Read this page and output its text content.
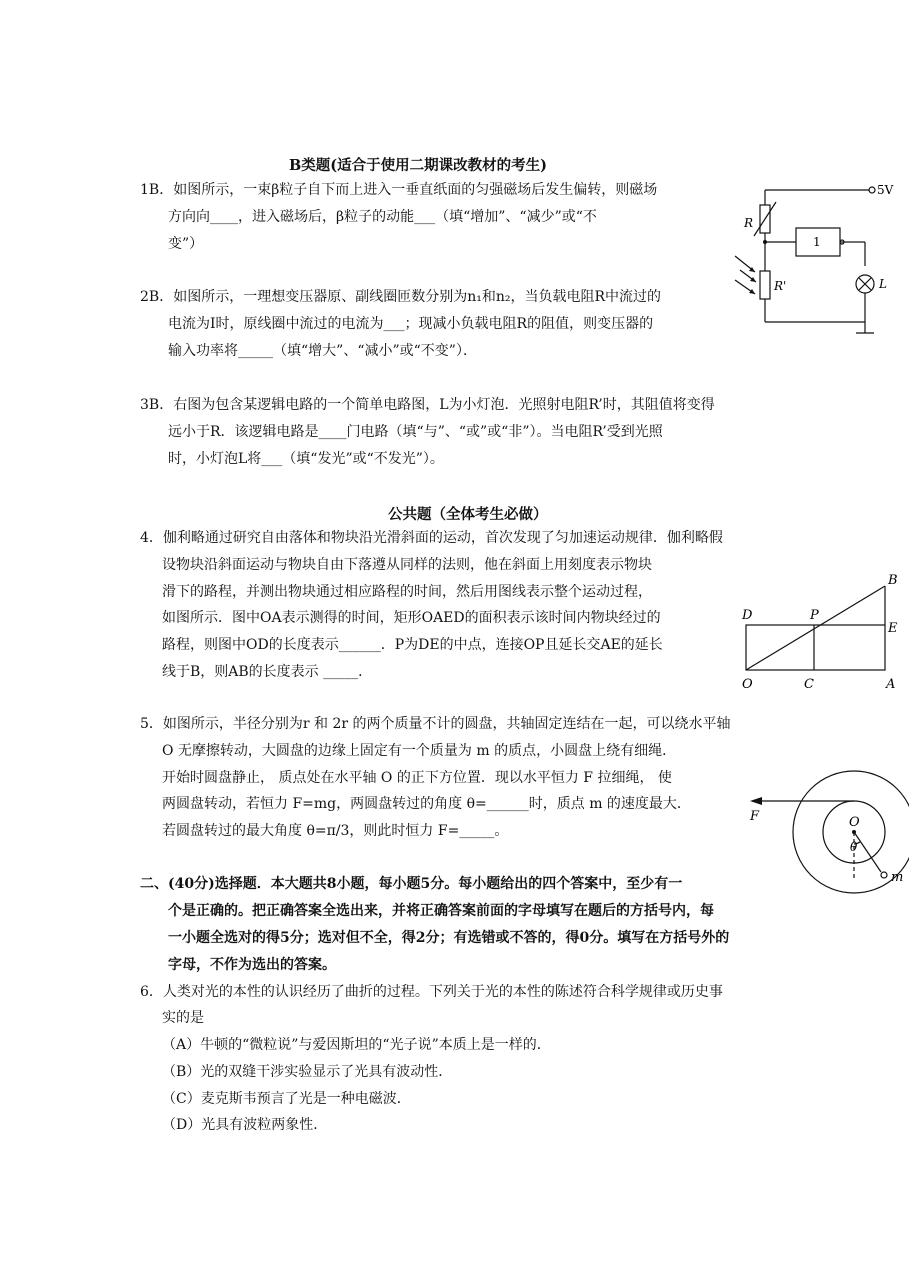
B类题(适合于使用二期课改教材的考生)
1B．如图所示，一束β粒子自下而上进入一垂直纸面的匀强磁场后发生偏转，则磁场
方向向____，进入磁场后，β粒子的动能___（填“增加”、“减少”或“不
变”）
2B．如图所示，一理想变压器原、副线圈匝数分别为n₁和n₂，当负载电阻R中流过的
电流为I时，原线圈中流过的电流为___；现减小负载电阻R的阻值，则变压器的
输入功率将_____（填“增大”、“减小”或“不变”）．
3B．右图为包含某逻辑电路的一个简单电路图，L为小灯泡．光照射电阻R’时，其阻值将变得
远小于R．该逻辑电路是____门电路（填“与”、“或”或“非”）。当电阻R’受到光照
时，小灯泡L将___（填“发光”或“不发光”）。
公共题（全体考生必做）
4．伽利略通过研究自由落体和物块沿光滑斜面的运动，首次发现了匀加速运动规律．伽利略假
设物块沿斜面运动与物块自由下落遵从同样的法则，他在斜面上用刻度表示物块
滑下的路程，并测出物块通过相应路程的时间，然后用图线表示整个运动过程，
如图所示．图中OA表示测得的时间，矩形OAED的面积表示该时间内物块经过的
路程，则图中OD的长度表示______．P为DE的中点，连接OP且延长交AE的延长
线于B，则AB的长度表示 _____．
5．如图所示，半径分别为r 和 2r 的两个质量不计的圆盘，共轴固定连结在一起，可以绕水平轴
O 无摩擦转动，大圆盘的边缘上固定有一个质量为 m 的质点，小圆盘上绕有细绳．
开始时圆盘静止， 质点处在水平轴 O 的正下方位置．现以水平恒力 F 拉细绳， 使
两圆盘转动，若恒力 F=mg，两圆盘转过的角度 θ=______时，质点 m 的速度最大．
若圆盘转过的最大角度 θ=π/3，则此时恒力 F=_____。
二、(40分)选择题．本大题共8小题，每小题5分。每小题给出的四个答案中，至少有一
个是正确的。把正确答案全选出来，并将正确答案前面的字母填写在题后的方括号内，每
一小题全选对的得5分；选对但不全，得2分；有选错或不答的，得0分。填写在方括号外的
字母，不作为选出的答案。
6．人类对光的本性的认识经历了曲折的过程。下列关于光的本性的陈述符合科学规律或历史事
实的是
（A）牛顿的“微粒说”与爱因斯坦的“光子说”本质上是一样的．
（B）光的双缝干涉实验显示了光具有波动性．
（C）麦克斯韦预言了光是一种电磁波．
（D）光具有波粒两象性．
5V
1
R
R'	L
B
D	P
E
O	C	A
F	O
θ
m
